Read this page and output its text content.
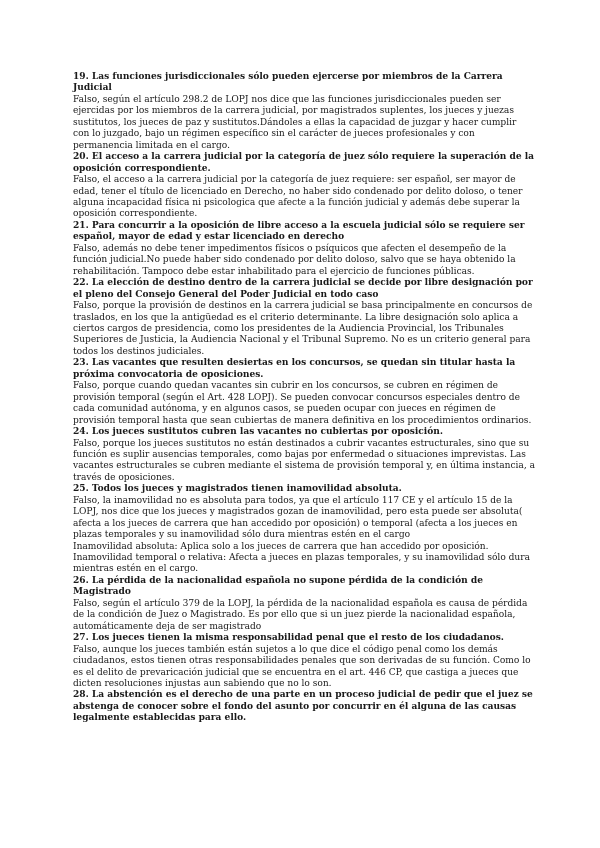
19. Las funciones jurisdiccionales sólo pueden ejercerse por miembros de la Carrera Judicial

Falso, según el artículo 298.2 de LOPJ nos dice que las funciones jurisdiccionales pueden ser ejercidas por los miembros de la carrera judicial, por magistrados suplentes, los jueces y juezas sustitutos, los jueces de paz y sustitutos.Dándoles a ellas la capacidad de juzgar y hacer cumplir con lo juzgado, bajo un régimen específico sin el carácter de jueces profesionales y con permanencia limitada en el cargo.

20. El acceso a la carrera judicial por la categoría de juez sólo requiere la superación de la oposición correspondiente.

Falso, el acceso a la carrera judicial por la categoría de juez requiere: ser español, ser mayor de edad, tener el título de licenciado en Derecho, no haber sido condenado por delito doloso, o tener alguna incapacidad física ni psicologica que afecte a la función judicial y además debe superar la oposición correspondiente.

21. Para concurrir a la oposición de libre acceso a la escuela judicial sólo se requiere ser español, mayor de edad y estar licenciado en derecho

Falso, además no debe tener impedimentos físicos o psíquicos que afecten el desempeño de la función judicial.No puede haber sido condenado por delito doloso, salvo que se haya obtenido la rehabilitación. Tampoco debe estar inhabilitado para el ejercicio de funciones públicas.

22. La elección de destino dentro de la carrera judicial se decide por libre designación por el pleno del Consejo General del Poder Judicial en todo caso

Falso, porque la provisión de destinos en la carrera judicial se basa principalmente en concursos de traslados, en los que la antigüedad es el criterio determinante. La libre designación solo aplica a ciertos cargos de presidencia, como los presidentes de la Audiencia Provincial, los Tribunales Superiores de Justicia, la Audiencia Nacional y el Tribunal Supremo. No es un criterio general para todos los destinos judiciales.

23. Las vacantes que resulten desiertas en los concursos, se quedan sin titular hasta la próxima convocatoria de oposiciones.

Falso, porque cuando quedan vacantes sin cubrir en los concursos, se cubren en régimen de provisión temporal (según el Art. 428 LOPJ). Se pueden convocar concursos especiales dentro de cada comunidad autónoma, y en algunos casos, se pueden ocupar con jueces en régimen de provisión temporal hasta que sean cubiertas de manera definitiva en los procedimientos ordinarios.

24. Los jueces sustitutos cubren las vacantes no cubiertas por oposición.

Falso, porque los jueces sustitutos no están destinados a cubrir vacantes estructurales, sino que su función es suplir ausencias temporales, como bajas por enfermedad o situaciones imprevistas. Las vacantes estructurales se cubren mediante el sistema de provisión temporal y, en última instancia, a través de oposiciones.

25. Todos los jueces y magistrados tienen inamovilidad absoluta.

Falso, la inamovilidad no es absoluta para todos, ya que el artículo 117 CE y el artículo 15 de la LOPJ, nos dice que los jueces y magistrados gozan de inamovilidad, pero esta puede ser absoluta( afecta a los jueces de carrera que han accedido por oposición) o temporal (afecta a los jueces en plazas temporales y su inamovilidad sólo dura mientras estén en el cargo
Inamovilidad absoluta: Aplica solo a los jueces de carrera que han accedido por oposición.
Inamovilidad temporal o relativa: Afecta a jueces en plazas temporales, y su inamovilidad sólo dura mientras estén en el cargo.

26. La pérdida de la nacionalidad española no supone pérdida de la condición de Magistrado

Falso, según el artículo 379 de la LOPJ, la pérdida de la nacionalidad española es causa de pérdida de la condición de Juez o Magistrado. Es por ello que si un juez pierde la nacionalidad española, automáticamente deja de ser magistrado

27. Los jueces tienen la misma responsabilidad penal que el resto de los ciudadanos.

Falso, aunque los jueces también están sujetos a lo que dice el código penal como los demás ciudadanos, estos tienen otras responsabilidades penales que son derivadas de su función. Como lo es el delito de prevaricación judicial que se encuentra en el art. 446 CP, que castiga a jueces que dicten resoluciones injustas aun sabiendo que no lo son.

28. La abstención es el derecho de una parte en un proceso judicial de pedir que el juez se abstenga de conocer sobre el fondo del asunto por concurrir en él alguna de las causas legalmente establecidas para ello.
